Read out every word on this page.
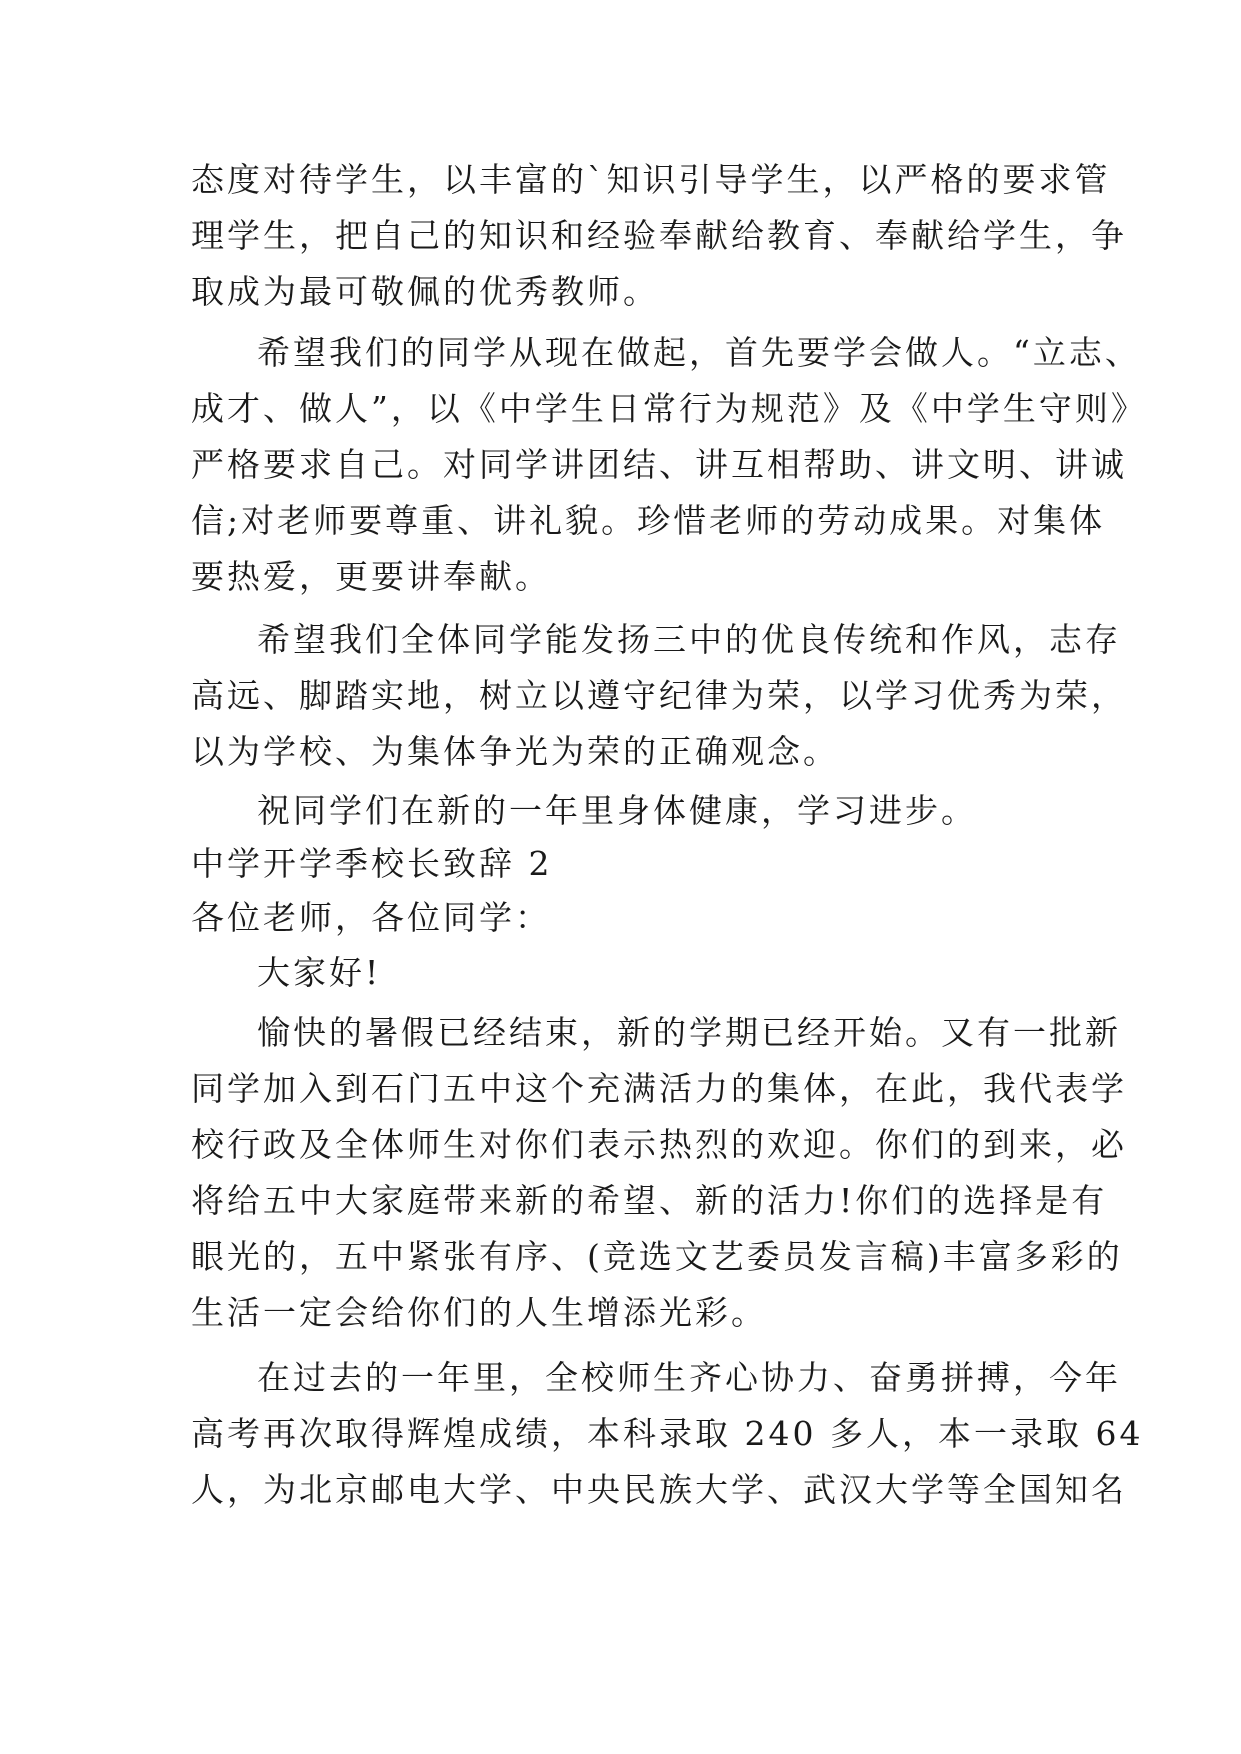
态度对待学生，以丰富的`知识引导学生，以严格的要求管
理学生，把自己的知识和经验奉献给教育、奉献给学生，争
取成为最可敬佩的优秀教师。
希望我们的同学从现在做起，首先要学会做人。“立志、
成才、做人”，以《中学生日常行为规范》及《中学生守则》
严格要求自己。对同学讲团结、讲互相帮助、讲文明、讲诚
信;对老师要尊重、讲礼貌。珍惜老师的劳动成果。对集体
要热爱，更要讲奉献。
希望我们全体同学能发扬三中的优良传统和作风，志存
高远、脚踏实地，树立以遵守纪律为荣，以学习优秀为荣，
以为学校、为集体争光为荣的正确观念。
祝同学们在新的一年里身体健康，学习进步。
中学开学季校长致辞 2
各位老师，各位同学：
大家好!
愉快的暑假已经结束，新的学期已经开始。又有一批新
同学加入到石门五中这个充满活力的集体，在此，我代表学
校行政及全体师生对你们表示热烈的欢迎。你们的到来，必
将给五中大家庭带来新的希望、新的活力!你们的选择是有
眼光的，五中紧张有序、(竞选文艺委员发言稿)丰富多彩的
生活一定会给你们的人生增添光彩。
在过去的一年里，全校师生齐心协力、奋勇拼搏，今年
高考再次取得辉煌成绩，本科录取 240 多人，本一录取 64
人，为北京邮电大学、中央民族大学、武汉大学等全国知名
